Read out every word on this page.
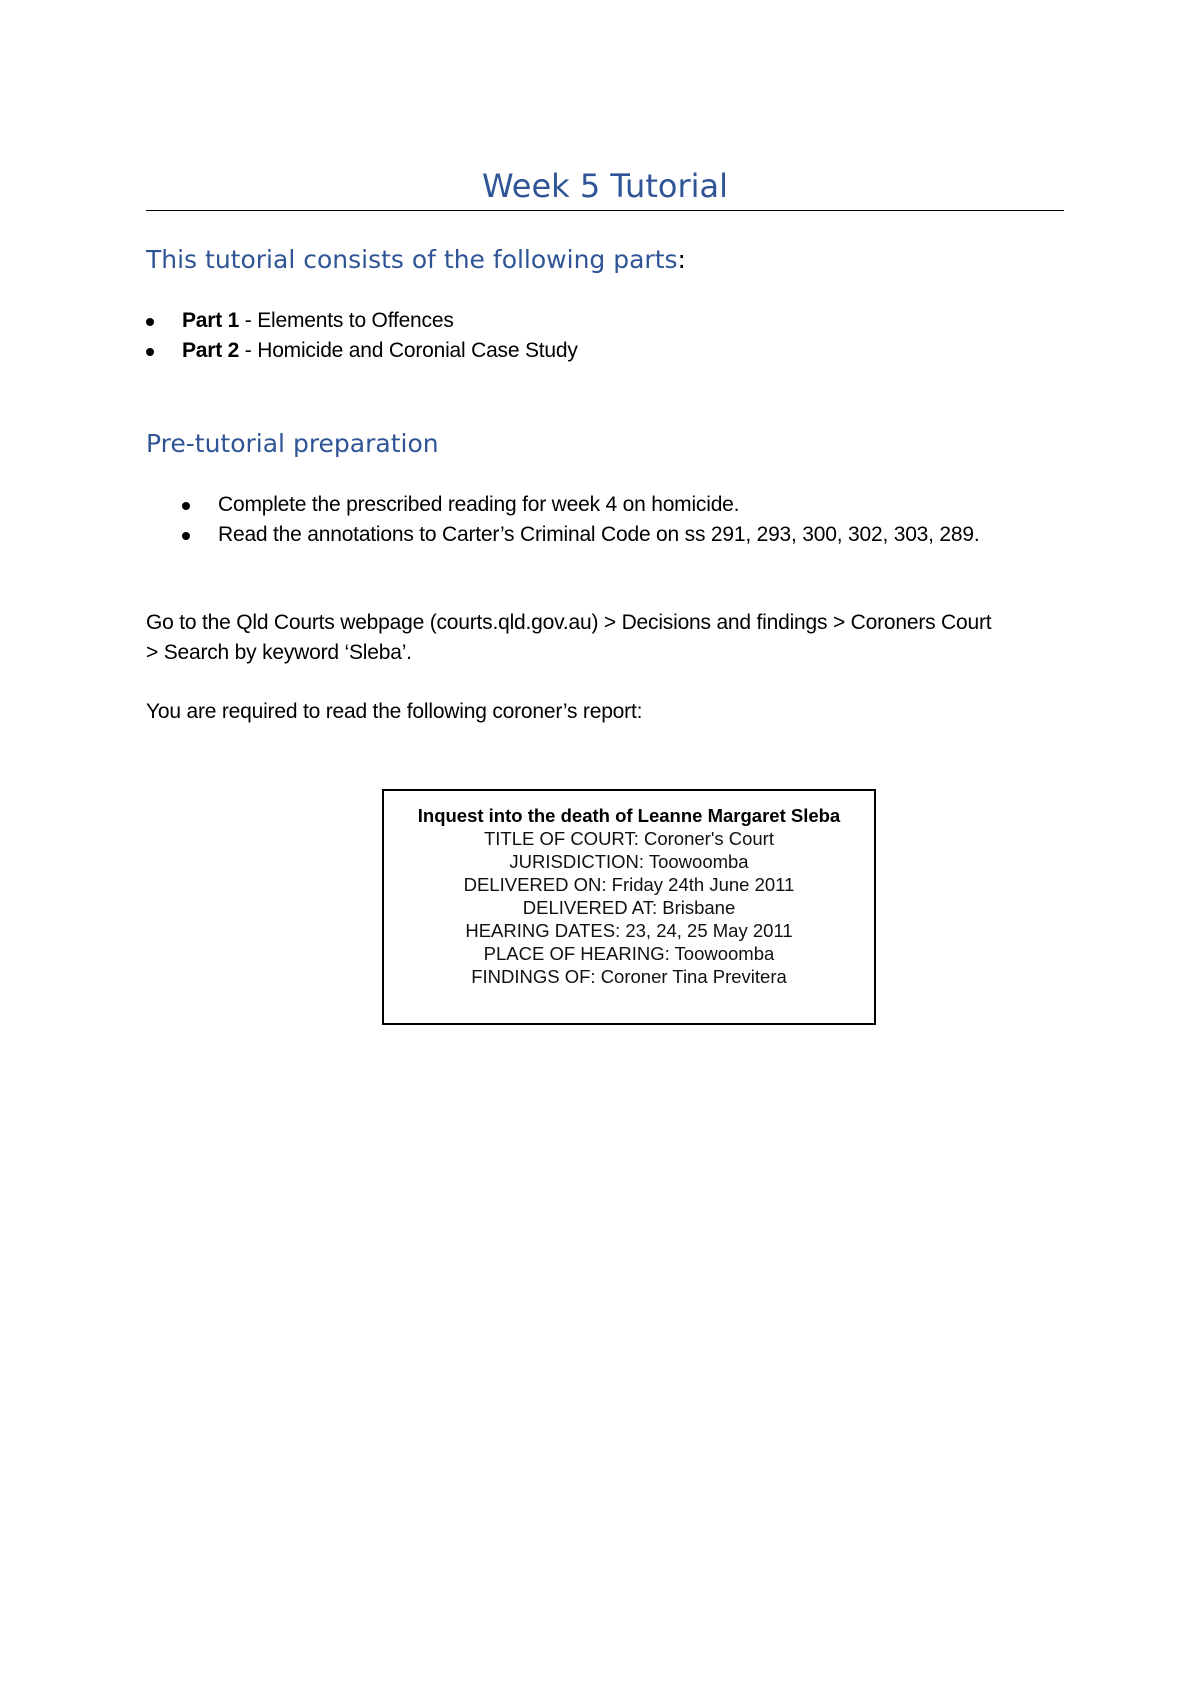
Week 5 Tutorial
This tutorial consists of the following parts:
Part 1 - Elements to Offences
Part 2 - Homicide and Coronial Case Study
Pre-tutorial preparation
Complete the prescribed reading for week 4 on homicide.
Read the annotations to Carter’s Criminal Code on ss 291, 293, 300, 302, 303, 289.
Go to the Qld Courts webpage (courts.qld.gov.au) > Decisions and findings > Coroners Court
> Search by keyword ‘Sleba’.
You are required to read the following coroner’s report:
Inquest into the death of Leanne Margaret Sleba
TITLE OF COURT: Coroner's Court
JURISDICTION: Toowoomba
DELIVERED ON: Friday 24th June 2011
DELIVERED AT: Brisbane
HEARING DATES: 23, 24, 25 May 2011
PLACE OF HEARING: Toowoomba
FINDINGS OF: Coroner Tina Previtera
